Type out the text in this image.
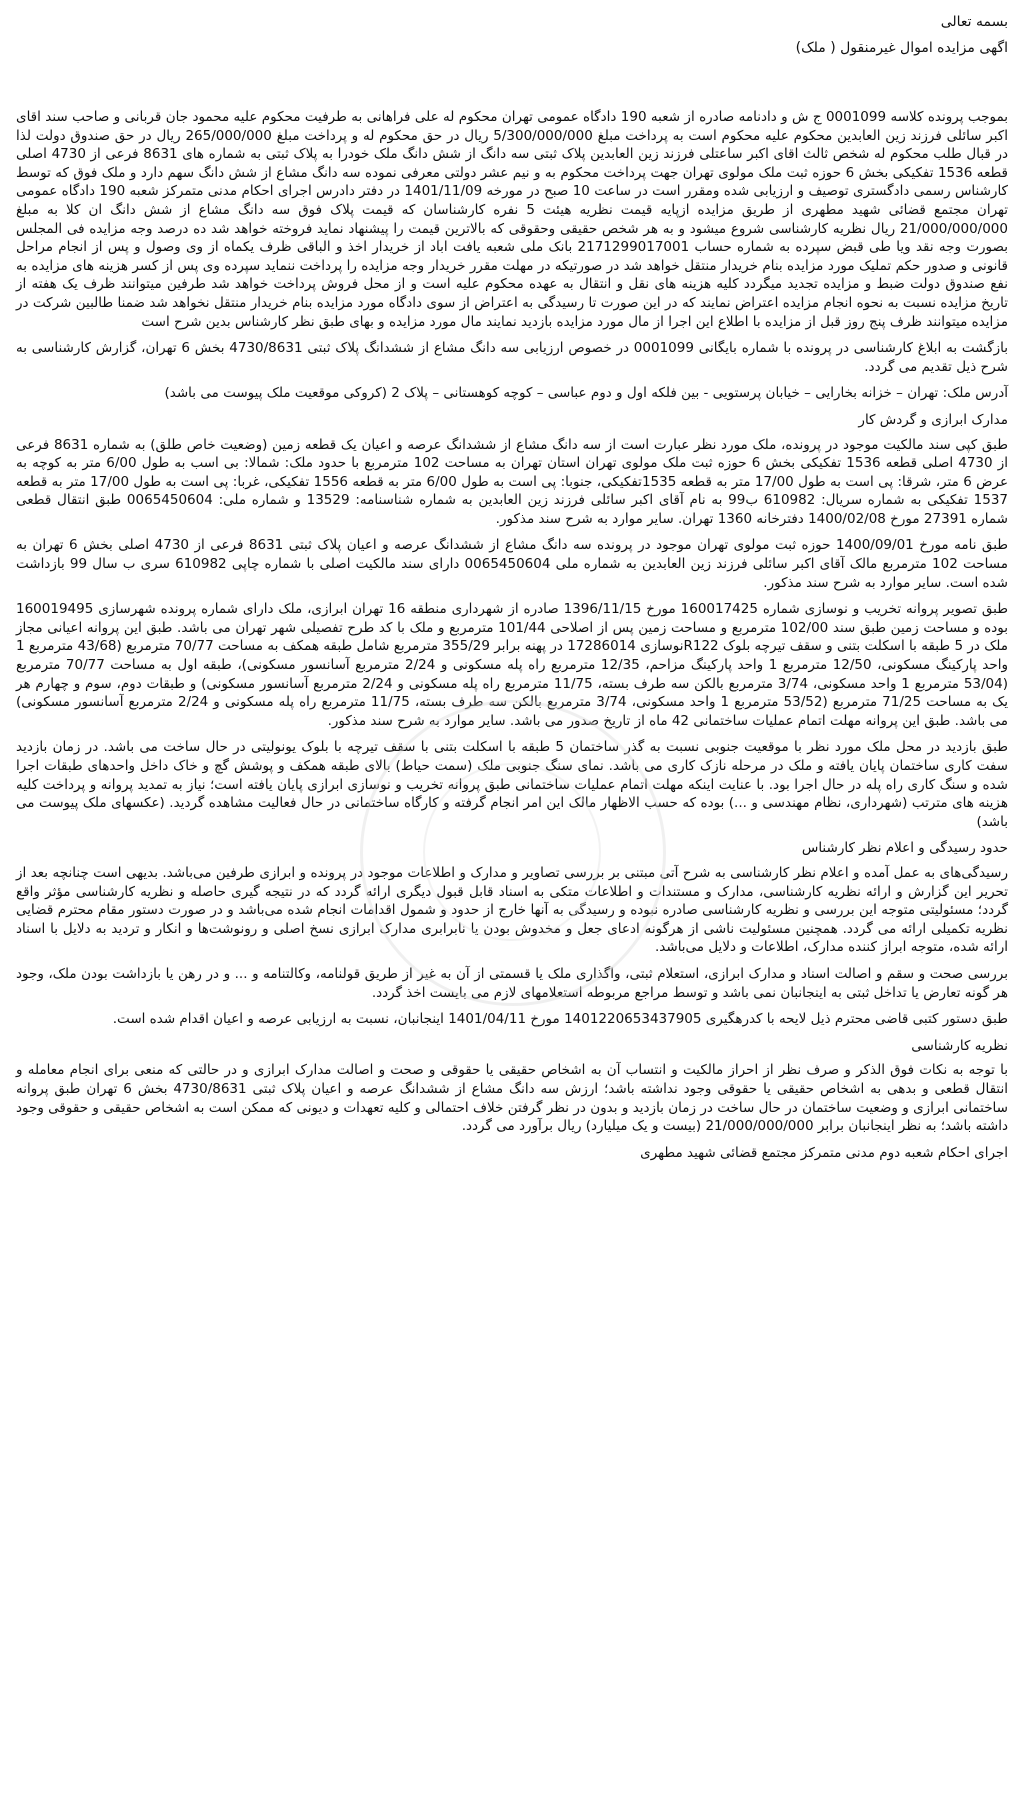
بسمه تعالی
اگهی مزایده اموال غیرمنقول ( ملک)

بموجب پرونده کلاسه 0001099 ج ش و دادنامه صادره از شعبه 190 دادگاه عمومی تهران محکوم له علی فراهانی به طرفیت محکوم علیه محمود جان قربانی و صاحب سند اقای اکبر سائلی فرزند زین العابدین محکوم علیه محکوم است به پرداخت مبلغ 5/300/000/000 ریال در حق محکوم له و پرداخت مبلغ 265/000/000 ریال در حق صندوق دولت لذا در قبال طلب محکوم له شخص ثالث اقای اکبر ساعتلی فرزند زین العابدین پلاک ثبتی سه دانگ از شش دانگ ملک خودرا به پلاک ثبتی به شماره های 8631 فرعی از 4730 اصلی قطعه 1536 تفکیکی بخش 6 حوزه ثبت ملک مولوی تهران جهت پرداخت محکوم به و نیم عشر دولتی معرفی نموده سه دانگ مشاع از شش دانگ سهم دارد و ملک فوق که توسط کارشناس رسمی دادگستری توصیف و ارزیابی شده ومقرر است در ساعت 10 صبح در مورخه 1401/11/09 در دفتر دادرس اجرای احکام مدنی متمرکز شعبه 190 دادگاه عمومی تهران مجتمع قضائی شهید مطهری از طریق مزایده ازپایه قیمت نظریه هیئت 5 نفره کارشناسان که قیمت پلاک فوق سه دانگ مشاع از شش دانگ ان کلا به مبلغ 21/000/000/000 ریال نظریه کارشناسی شروع میشود و به هر شخص حقیقی وحقوقی که بالاترین قیمت را پیشنهاد نماید فروخته خواهد شد ده درصد وجه مزایده فی المجلس بصورت وجه نقد ویا طی قبض سپرده به شماره حساب 2171299017001 بانک ملی شعبه یافت اباد از خریدار اخذ و الباقی ظرف یکماه از وی وصول و پس از انجام مراحل قانونی و صدور حکم تملیک مورد مزایده بنام خریدار منتقل خواهد شد در صورتیکه در مهلت مقرر خریدار وجه مزایده را پرداخت ننماید سپرده وی پس از کسر هزینه های مزایده به نفع صندوق دولت ضبط و مزایده تجدید میگردد کلیه هزینه های نقل و انتقال به عهده محکوم علیه است و از محل فروش پرداخت خواهد شد طرفین میتوانند ظرف یک هفته از تاریخ مزایده نسبت به نحوه انجام مزایده اعتراض نمایند که در این صورت تا رسیدگی به اعتراض از سوی دادگاه مورد مزایده بنام خریدار منتقل نخواهد شد ضمنا طالبین شرکت در مزایده میتوانند ظرف پنج روز قبل از مزایده با اطلاع این اجرا از مال مورد مزایده بازدید نمایند مال مورد مزایده و بهای طبق نظر کارشناس بدین شرح است

بازگشت به ابلاغ کارشناسی در پرونده با شماره بایگانی 0001099 در خصوص ارزیابی سه دانگ مشاع از ششدانگ پلاک ثبتی 4730/8631 بخش 6 تهران، گزارش کارشناسی به شرح ذیل تقدیم می گردد.

آدرس ملک: تهران – خزانه بخارایی – خیابان پرستویی - بین فلکه اول و دوم عباسی – کوچه کوهستانی – پلاک 2 (کروکی موقعیت ملک پیوست می باشد)

مدارک ابرازی و گردش کار

طبق کپی سند مالکیت موجود در پرونده، ملک مورد نظر عبارت است از سه دانگ مشاع از ششدانگ عرصه و اعیان یک قطعه زمین (وضعیت خاص طلق) به شماره 8631 فرعی از 4730 اصلی قطعه 1536 تفکیکی بخش 6 حوزه ثبت ملک مولوی تهران استان تهران به مساحت 102 مترمربع با حدود ملک: شمالا: بی اسب به طول 6/00 متر به کوچه به عرض 6 متر، شرقا: پی است به طول 17/00 متر به قطعه 1535تفکیکی، جنوبا: پی است به طول 6/00 متر به قطعه 1556 تفکیکی، غربا: پی است به طول 17/00 متر به قطعه 1537 تفکیکی به شماره سریال: 610982 ب99 به نام آقای اکبر سائلی فرزند زین العابدین به شماره شناسنامه: 13529 و شماره ملی: 0065450604 طبق انتقال قطعی شماره 27391 مورخ 1400/02/08 دفترخانه 1360 تهران. سایر موارد به شرح سند مذکور.

طبق نامه مورخ 1400/09/01 حوزه ثبت مولوی تهران موجود در پرونده سه دانگ مشاع از ششدانگ عرصه و اعیان پلاک ثبتی 8631 فرعی از 4730 اصلی بخش 6 تهران به مساحت 102 مترمربع مالک آقای اکبر سائلی فرزند زین العابدین به شماره ملی 0065450604 دارای سند مالکیت اصلی با شماره چاپی 610982 سری ب سال 99 بازداشت شده است. سایر موارد به شرح سند مذکور.

طبق تصویر پروانه تخریب و نوسازی شماره 160017425 مورخ 1396/11/15 صادره از شهرداری منطقه 16 تهران ابرازی، ملک دارای شماره پرونده شهرسازی 160019495 بوده و مساحت زمین طبق سند 102/00 مترمربع و مساحت زمین پس از اصلاحی 101/44 مترمربع و ملک با کد طرح تفصیلی شهر تهران می باشد. طبق این پروانه اعیانی مجاز ملک در 5 طبقه با اسکلت بتنی و سقف تیرچه بلوک R122نوسازی 17286014 در پهنه برابر 355/29 مترمربع شامل طبقه همکف به مساحت 70/77 مترمربع (43/68 مترمربع 1 واحد پارکینگ مسکونی، 12/50 مترمربع 1 واحد پارکینگ مزاحم، 12/35 مترمربع راه پله مسکونی و 2/24 مترمربع آسانسور مسکونی)، طبقه اول به مساحت 70/77 مترمربع (53/04 مترمربع 1 واحد مسکونی، 3/74 مترمربع بالکن سه طرف بسته، 11/75 مترمربع راه پله مسکونی و 2/24 مترمربع آسانسور مسکونی) و طبقات دوم، سوم و چهارم هر یک به مساحت 71/25 مترمربع (53/52 مترمربع 1 واحد مسکونی، 3/74 مترمربع بالکن سه طرف بسته، 11/75 مترمربع راه پله مسکونی و 2/24 مترمربع آسانسور مسکونی) می باشد. طبق این پروانه مهلت اتمام عملیات ساختمانی 42 ماه از تاریخ صدور می باشد. سایر موارد به شرح سند مذکور.

طبق بازدید در محل ملک مورد نظر با موقعیت جنوبی نسبت به گذر ساختمان 5 طبقه با اسکلت بتنی با سقف تیرچه با بلوک یونولیتی در حال ساخت می باشد. در زمان بازدید سفت کاری ساختمان پایان یافته و ملک در مرحله نازک کاری می باشد. نمای سنگ جنوبی ملک (سمت حیاط) بالای طبقه همکف و پوشش گچ و خاک داخل واحدهای طبقات اجرا شده و سنگ کاری راه پله در حال اجرا بود. با عنایت اینکه مهلت اتمام عملیات ساختمانی طبق پروانه تخریب و نوسازی ابرازی پایان یافته است؛ نیاز به تمدید پروانه و پرداخت کلیه هزینه های مترتب (شهرداری، نظام مهندسی و ...) بوده که حسب الاظهار مالک این امر انجام گرفته و کارگاه ساختمانی در حال فعالیت مشاهده گردید. (عکسهای ملک پیوست می باشد)

حدود رسیدگی و اعلام نظر کارشناس

رسیدگی‌های به عمل آمده و اعلام نظر کارشناسی به شرح آتی مبتنی بر بررسی تصاویر و مدارک و اطلاعات موجود در پرونده و ابرازی طرفین می‌باشد. بدیهی است چنانچه بعد از تحریر این گزارش و ارائه نظریه کارشناسی، مدارک و مستندات و اطلاعات متکی به اسناد قابل قبول دیگری ارائه گردد که در نتیجه گیری حاصله و نظریه کارشناسی مؤثر واقع گردد؛ مسئولیتی متوجه این بررسی و نظریه کارشناسی صادره نبوده و رسیدگی به آنها خارج از حدود و شمول اقدامات انجام شده می‌باشد و در صورت دستور مقام محترم قضایی نظریه تکمیلی ارائه می گردد. همچنین مسئولیت ناشی از هرگونه ادعای جعل و مخدوش بودن یا نابرابری مدارک ابرازی نسخ اصلی و رونوشت‌ها و انکار و تردید به دلایل با اسناد ارائه شده، متوجه ابراز کننده مدارک، اطلاعات و دلایل می‌باشد.

بررسی صحت و سقم و اصالت اسناد و مدارک ابرازی، استعلام ثبتی، واگذاری ملک یا قسمتی از آن به غیر از طریق قولنامه، وکالتنامه و ... و در رهن یا بازداشت بودن ملک، وجود هر گونه تعارض یا تداخل ثبتی به اینجانبان نمی باشد و توسط مراجع مربوطه استعلامهای لازم می بایست اخذ گردد.

طبق دستور کتبی قاضی محترم ذیل لایحه با کدرهگیری 1401220653437905 مورخ 1401/04/11 اینجانبان، نسبت به ارزیابی عرصه و اعیان اقدام شده است.

نظریه کارشناسی

با توجه به نکات فوق الذکر و صرف نظر از احراز مالکیت و انتساب آن به اشخاص حقیقی یا حقوقی و صحت و اصالت مدارک ابرازی و در حالتی که منعی برای انجام معامله و انتقال قطعی و بدهی به اشخاص حقیقی یا حقوقی وجود نداشته باشد؛ ارزش سه دانگ مشاع از ششدانگ عرصه و اعیان پلاک ثبتی 4730/8631 بخش 6 تهران طبق پروانه ساختمانی ابرازی و وضعیت ساختمان در حال ساخت در زمان بازدید و بدون در نظر گرفتن خلاف احتمالی و کلیه تعهدات و دیونی که ممکن است به اشخاص حقیقی و حقوقی وجود داشته باشد؛ به نظر اینجانبان برابر 21/000/000/000 (بیست و یک میلیارد) ریال برآورد می گردد.

اجرای احکام شعبه دوم مدنی متمرکز مجتمع قضائی شهید مطهری
